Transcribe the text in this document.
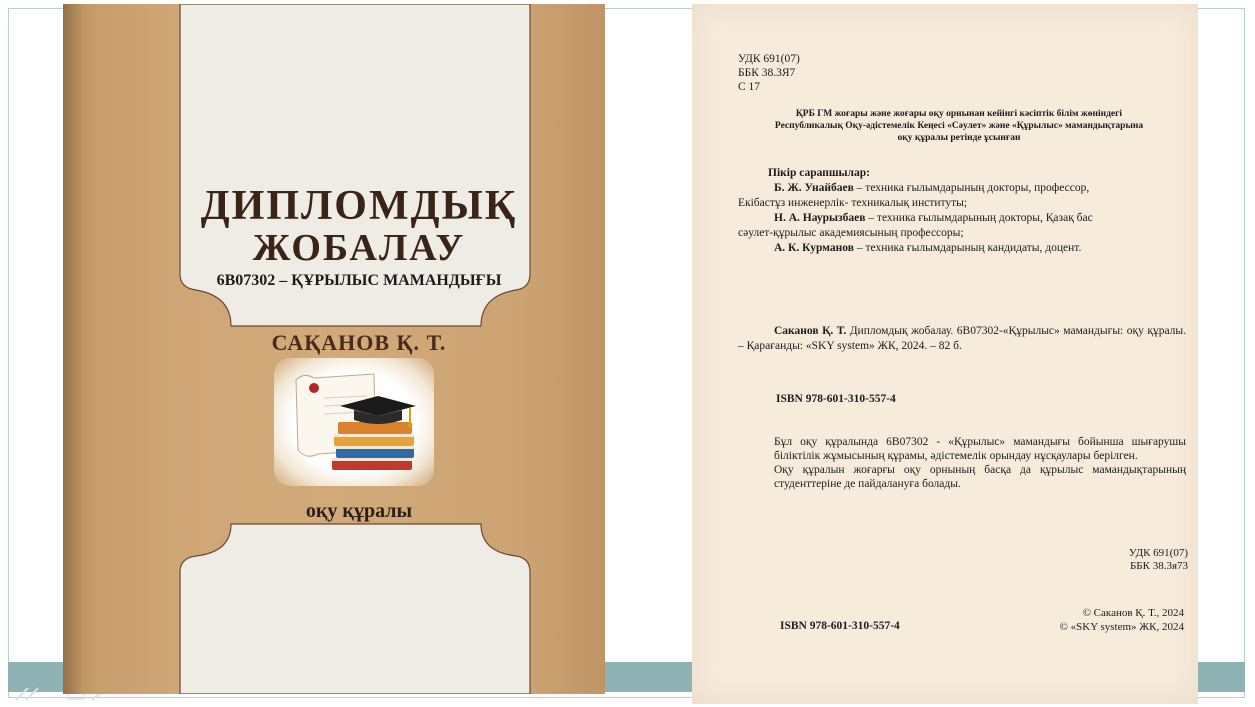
ДИПЛОМДЫҚ
ЖОБАЛАУ
6В07302 – ҚҰРЫЛЫС МАМАНДЫҒЫ
САҚАНОВ Қ. Т.
оқу құралы
УДК 691(07)
ББК 38.3Я7
С 17
ҚРБ ГМ жоғары және жоғары оқу орнынан кейінгі кәсіптік білім жөніндегі
Республикалық Оқу-әдістемелік Кеңесі «Сәулет» және «Құрылыс» мамандықтарына
оқу құралы ретінде ұсынған
Пікір сарапшылар:
Б. Ж. Унайбаев – техника ғылымдарының докторы, профессор,
Екібастұз инженерлік- техникалық институты;
Н. А. Наурызбаев – техника ғылымдарының докторы, Қазақ бас
сәулет-құрылыс академиясының профессоры;
А. К. Курманов – техника ғылымдарының кандидаты, доцент.
Саканов Қ. Т. Дипломдық жобалау. 6В07302-«Құрылыс» мамандығы: оқу құралы. – Қарағанды: «SKY system» ЖК, 2024. – 82 б.
ISBN 978-601-310-557-4
Бұл оқу құралында 6В07302 - «Құрылыс» мамандығы бойынша шығарушы біліктілік жұмысының құрамы, әдістемелік орындау нұсқаулары берілген.
Оқу құралын жоғарғы оқу орнының басқа да құрылыс мамандықтарының студенттеріне де пайдалануға болады.
УДК 691(07)
ББК 38.3я73
ISBN 978-601-310-557-4
© Саканов Қ. Т., 2024
© «SKY system» ЖК, 2024
